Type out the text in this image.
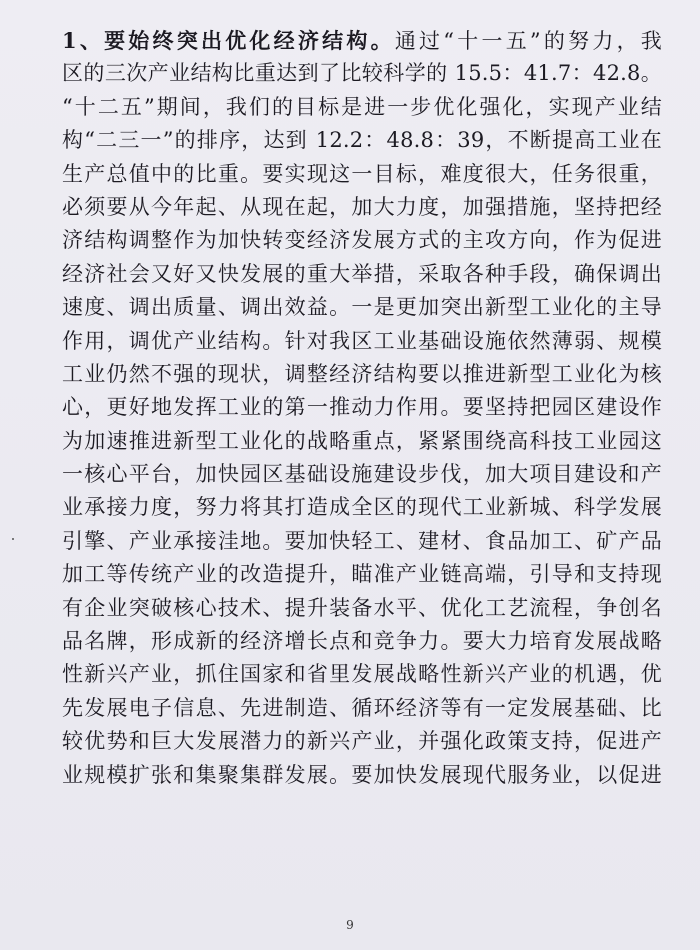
1、要始终突出优化经济结构。通过“十一五”的努力，我
区的三次产业结构比重达到了比较科学的 15.5：41.7：42.8。
“十二五”期间，我们的目标是进一步优化强化，实现产业结
构“二三一”的排序，达到 12.2：48.8：39，不断提高工业在
生产总值中的比重。要实现这一目标，难度很大，任务很重，
必须要从今年起、从现在起，加大力度，加强措施，坚持把经
济结构调整作为加快转变经济发展方式的主攻方向，作为促进
经济社会又好又快发展的重大举措，采取各种手段，确保调出
速度、调出质量、调出效益。一是更加突出新型工业化的主导
作用，调优产业结构。针对我区工业基础设施依然薄弱、规模
工业仍然不强的现状，调整经济结构要以推进新型工业化为核
心，更好地发挥工业的第一推动力作用。要坚持把园区建设作
为加速推进新型工业化的战略重点，紧紧围绕高科技工业园这
一核心平台，加快园区基础设施建设步伐，加大项目建设和产
业承接力度，努力将其打造成全区的现代工业新城、科学发展
引擎、产业承接洼地。要加快轻工、建材、食品加工、矿产品
加工等传统产业的改造提升，瞄准产业链高端，引导和支持现
有企业突破核心技术、提升装备水平、优化工艺流程，争创名
品名牌，形成新的经济增长点和竞争力。要大力培育发展战略
性新兴产业，抓住国家和省里发展战略性新兴产业的机遇，优
先发展电子信息、先进制造、循环经济等有一定发展基础、比
较优势和巨大发展潜力的新兴产业，并强化政策支持，促进产
业规模扩张和集聚集群发展。要加快发展现代服务业，以促进
9
